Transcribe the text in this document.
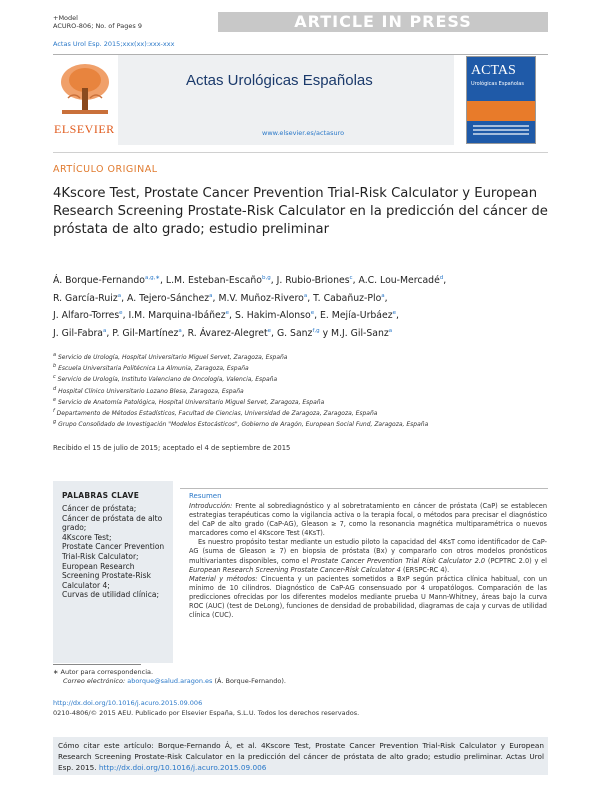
+Model
ACURO-806; No. of Pages 9	ARTICLE IN PRESS
Actas Urol Esp. 2015;xxx(xx):xxx-xxx
ELSEVIER
Actas Urológicas Españolas
www.elsevier.es/actasuro
ACTAS
Urológicas Españolas
ARTÍCULO ORIGINAL
4Kscore Test, Prostate Cancer Prevention Trial-Risk Calculator y European Research Screening Prostate-Risk Calculator en la predicción del cáncer de próstata de alto grado; estudio preliminar
Á. Borque-Fernando$^{a,g,∗}$, L.M. Esteban-Escaño$^{b,g}$, J. Rubio-Briones$^c$, A.C. Lou-Mercadé$^d$,
R. García-Ruiz$^a$, A. Tejero-Sánchez$^a$, M.V. Muñoz-Rivero$^a$, T. Cabañuz-Plo$^a$,
J. Alfaro-Torres$^e$, I.M. Marquina-Ibáñez$^e$, S. Hakim-Alonso$^e$, E. Mejía-Urbáez$^e$,
J. Gil-Fabra$^a$, P. Gil-Martínez$^a$, R. Ávarez-Alegret$^e$, G. Sanz$^{f,g}$ y M.J. Gil-Sanz$^a$
$^a$ Servicio de Urología, Hospital Universitario Miguel Servet, Zaragoza, España
$^b$ Escuela Universitaria Politécnica La Almunia, Zaragoza, España
$^c$ Servicio de Urología, Instituto Valenciano de Oncología, Valencia, España
$^d$ Hospital Clínico Universitario Lozano Blesa, Zaragoza, España
$^e$ Servicio de Anatomía Patológica, Hospital Universitario Miguel Servet, Zaragoza, España
$^f$ Departamento de Métodos Estadísticos, Facultad de Ciencias, Universidad de Zaragoza, Zaragoza, España
$^g$ Grupo Consolidado de Investigación "Modelos Estocásticos", Gobierno de Aragón, European Social Fund, Zaragoza, España
Recibido el 15 de julio de 2015; aceptado el 4 de septiembre de 2015
PALABRAS CLAVE
Cáncer de próstata;
Cáncer de próstata de alto grado;
4Kscore Test;
Prostate Cancer Prevention Trial-Risk Calculator;
European Research Screening Prostate-Risk Calculator 4;
Curvas de utilidad clínica;
Resumen

Introducción: Frente al sobrediagnóstico y al sobretratamiento en cáncer de próstata (CaP) se establecen estrategias terapéuticas como la vigilancia activa o la terapia focal, o métodos para precisar el diagnóstico del CaP de alto grado (CaP-AG), Gleason ≥ 7, como la resonancia magnética multiparamétrica o nuevos marcadores como el 4Kscore Test (4KsT).

Es nuestro propósito testar mediante un estudio piloto la capacidad del 4KsT como identificador de CaP-AG (suma de Gleason ≥ 7) en biopsia de próstata (Bx) y compararlo con otros modelos pronósticos multivariantes disponibles, como el Prostate Cancer Prevention Trial Risk Calculator 2.0 (PCPTRC 2.0) y el European Research Screening Prostate Cancer-Risk Calculator 4 (ERSPC-RC 4).

Material y métodos: Cincuenta y un pacientes sometidos a BxP según práctica clínica habitual, con un mínimo de 10 cilindros. Diagnóstico de CaP-AG consensuado por 4 uropatólogos. Comparación de las predicciones ofrecidas por los diferentes modelos mediante prueba U Mann-Whitney, áreas bajo la curva ROC (AUC) (test de DeLong), funciones de densidad de probabilidad, diagramas de caja y curvas de utilidad clínica (CUC).

∗ Autor para correspondencia.
Correo electrónico: aborque@salud.aragon.es (Á. Borque-Fernando).
http://dx.doi.org/10.1016/j.acuro.2015.09.006
0210-4806/© 2015 AEU. Publicado por Elsevier España, S.L.U. Todos los derechos reservados.
Cómo citar este artículo: Borque-Fernando Á, et al. 4Kscore Test, Prostate Cancer Prevention Trial-Risk Calculator y European Research Screening Prostate-Risk Calculator en la predicción del cáncer de próstata de alto grado; estudio preliminar. Actas Urol Esp. 2015. http://dx.doi.org/10.1016/j.acuro.2015.09.006
